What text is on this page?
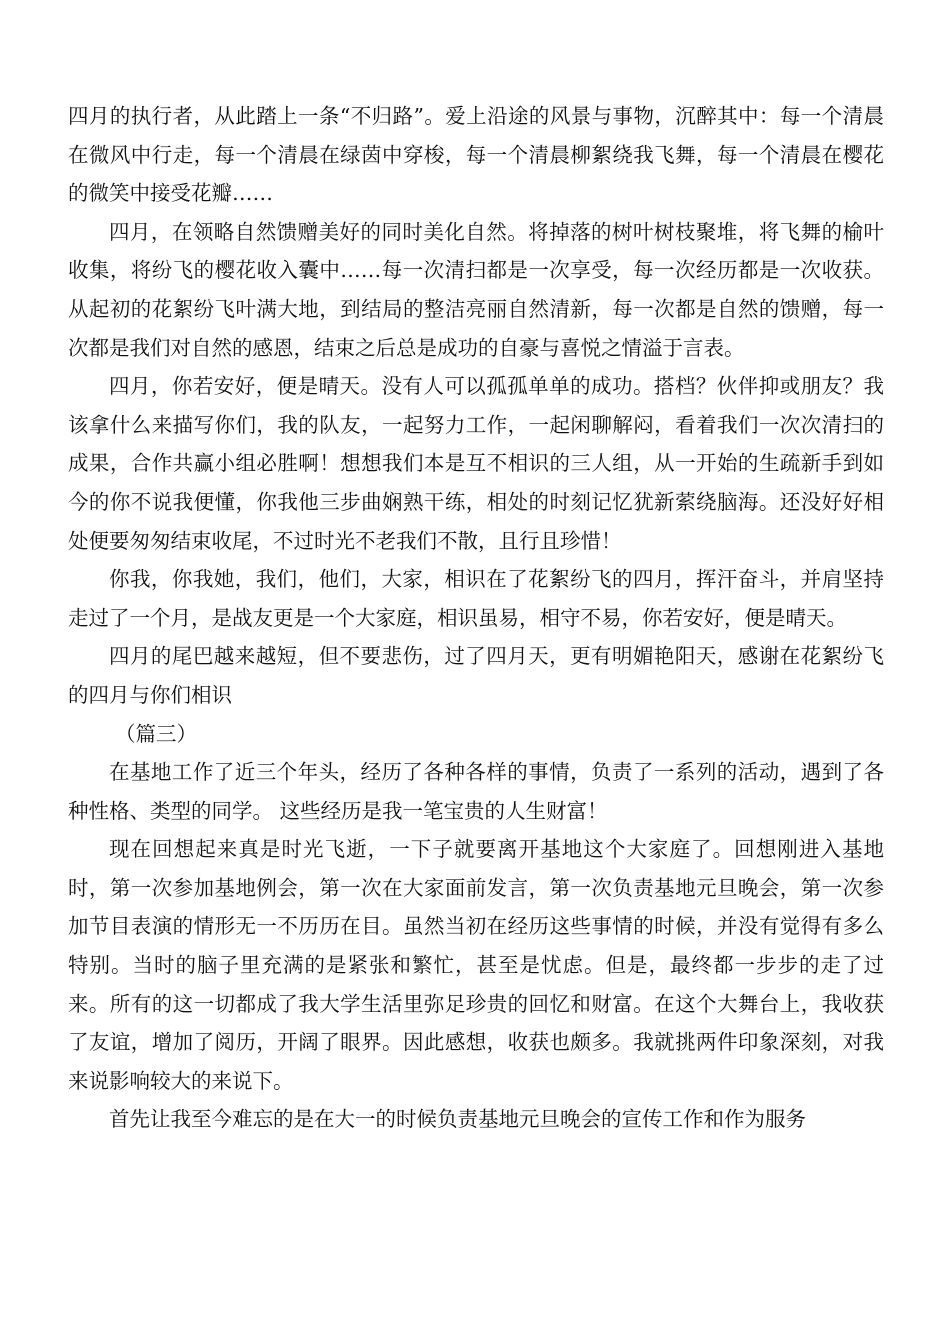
四月的执行者，从此踏上一条“不归路”。爱上沿途的风景与事物，沉醉其中：每一个清晨在微风中行走，每一个清晨在绿茵中穿梭，每一个清晨柳絮绕我飞舞，每一个清晨在樱花的微笑中接受花瓣……

四月，在领略自然馈赠美好的同时美化自然。将掉落的树叶树枝聚堆，将飞舞的榆叶收集，将纷飞的樱花收入囊中……每一次清扫都是一次享受，每一次经历都是一次收获。从起初的花絮纷飞叶满大地，到结局的整洁亮丽自然清新，每一次都是自然的馈赠，每一次都是我们对自然的感恩，结束之后总是成功的自豪与喜悦之情溢于言表。

四月，你若安好，便是晴天。没有人可以孤孤单单的成功。搭档？伙伴抑或朋友？我该拿什么来描写你们，我的队友，一起努力工作，一起闲聊解闷，看着我们一次次清扫的成果，合作共赢小组必胜啊！想想我们本是互不相识的三人组，从一开始的生疏新手到如今的你不说我便懂，你我他三步曲娴熟干练，相处的时刻记忆犹新萦绕脑海。还没好好相处便要匆匆结束收尾，不过时光不老我们不散，且行且珍惜！

你我，你我她，我们，他们，大家，相识在了花絮纷飞的四月，挥汗奋斗，并肩坚持走过了一个月，是战友更是一个大家庭，相识虽易，相守不易，你若安好，便是晴天。

四月的尾巴越来越短，但不要悲伤，过了四月天，更有明媚艳阳天，感谢在花絮纷飞的四月与你们相识

（篇三）

在基地工作了近三个年头，经历了各种各样的事情，负责了一系列的活动，遇到了各种性格、类型的同学。 这些经历是我一笔宝贵的人生财富！

现在回想起来真是时光飞逝，一下子就要离开基地这个大家庭了。回想刚进入基地时，第一次参加基地例会，第一次在大家面前发言，第一次负责基地元旦晚会，第一次参加节目表演的情形无一不历历在目。虽然当初在经历这些事情的时候，并没有觉得有多么特别。当时的脑子里充满的是紧张和繁忙，甚至是忧虑。但是，最终都一步步的走了过来。所有的这一切都成了我大学生活里弥足珍贵的回忆和财富。在这个大舞台上，我收获了友谊，增加了阅历，开阔了眼界。因此感想，收获也颇多。我就挑两件印象深刻，对我来说影响较大的来说下。

首先让我至今难忘的是在大一的时候负责基地元旦晚会的宣传工作和作为服务
